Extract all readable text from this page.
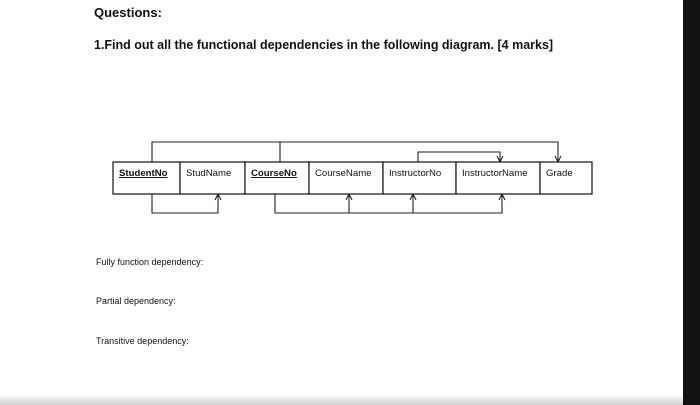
Questions:

1.Find out all the functional dependencies in the following diagram. [4 marks]

StudentNo StudName CourseNo CourseName InstructorNo InstructorName Grade

Fully function dependency:

Partial dependency:

Transitive dependency:
